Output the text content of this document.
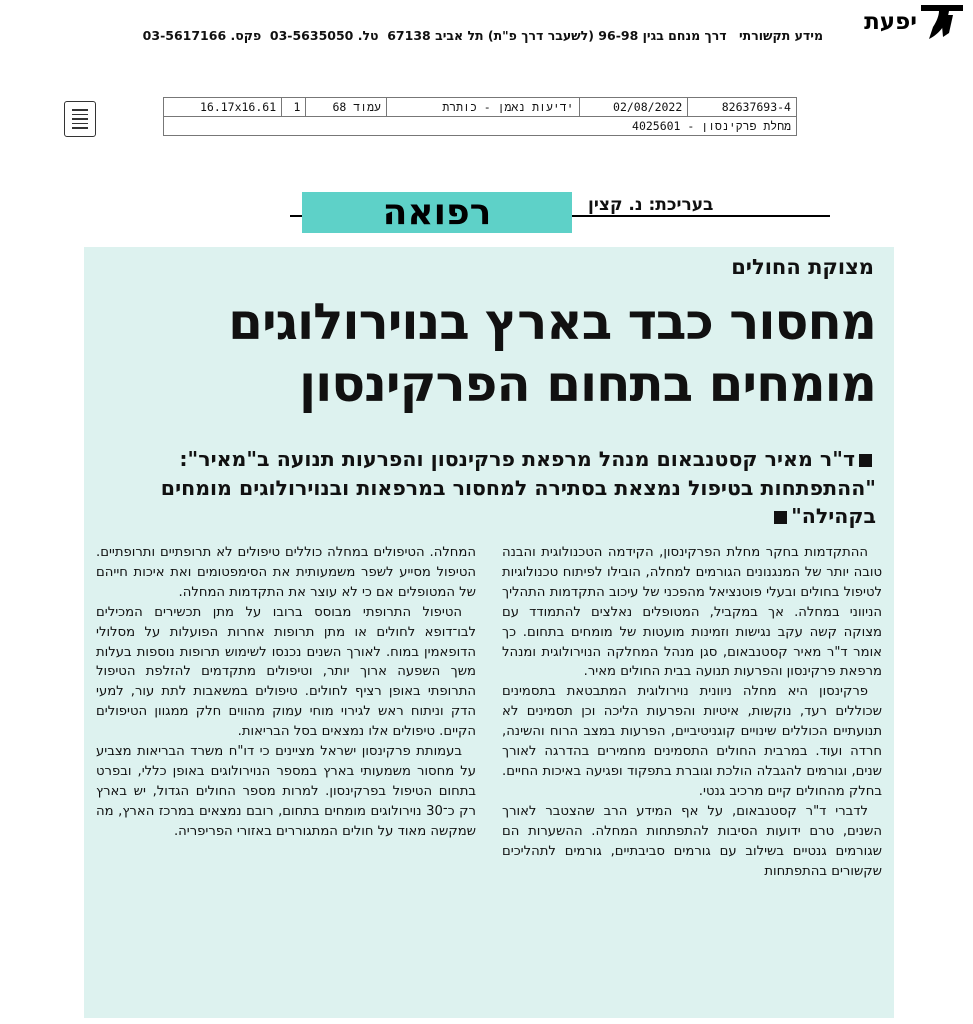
יפעת
מידע תקשורתי דרך מנחם בגין 96-98 (לשעבר דרך פ"ת) תל אביב 67138  טל. 03-5635050  פקס. 03-5617166
82637693-4	02/08/2022	ידיעות נאמן - כותרת	עמוד 68	1	16.17x16.61
מחלת פרקינסון - 4025601
בעריכת: נ. קצין
רפואה
מצוקת החולים
מחסור כבד בארץ בנוירולוגים
מומחים בתחום הפרקינסון
ד"ר מאיר קסטנבאום מנהל מרפאת פרקינסון והפרעות תנועה ב"מאיר": "ההתפתחות בטיפול נמצאת בסתירה למחסור במרפאות ובנוירולוגים מומחים בקהילה"

ההתקדמות בחקר מחלת הפרקינסון, הקידמה הטכנולוגית והבנה טובה יותר של המנגנונים הגורמים למחלה, הובילו לפיתוח טכנולוגיות לטיפול בחולים ובעלי פוטנציאל מהפכני של עיכוב התקדמות התהליך הניווני במחלה. אך במקביל, המטופלים נאלצים להתמודד עם מצוקה קשה עקב נגישות וזמינות מועטות של מומחים בתחום. כך אומר ד"ר מאיר קסטנבאום, סגן מנהל המחלקה הנוירולוגית ומנהל מרפאת פרקינסון והפרעות תנועה בבית החולים מאיר.

פרקינסון היא מחלה ניוונית נוירולוגית המתבטאת בתסמינים שכוללים רעד, נוקשות, איטיות והפרעות הליכה וכן תסמינים לא תנועתיים הכוללים שינויים קוגניטיביים, הפרעות במצב הרוח והשינה, חרדה ועוד. במרבית החולים התסמינים מחמירים בהדרגה לאורך שנים, וגורמים להגבלה הולכת וגוברת בתפקוד ופגיעה באיכות החיים. בחלק מהחולים קיים מרכיב גנטי.

לדברי ד"ר קסטנבאום, על אף המידע הרב שהצטבר לאורך השנים, טרם ידועות הסיבות להתפתחות המחלה. ההשערות הם שגורמים גנטיים בשילוב עם גורמים סביבתיים, גורמים לתהליכים שקשורים בהתפתחות

המחלה. הטיפולים במחלה כוללים טיפולים לא תרופתיים ותרופתיים. הטיפול מסייע לשפר משמעותית את הסימפטומים ואת איכות חייהם של המטופלים אם כי לא עוצר את התקדמות המחלה.

הטיפול התרופתי מבוסס ברובו על מתן תכשירים המכילים לבו־דופא לחולים או מתן תרופות אחרות הפועלות על מסלולי הדופאמין במוח. לאורך השנים נכנסו לשימוש תרופות נוספות בעלות משך השפעה ארוך יותר, וטיפולים מתקדמים להזלפת הטיפול התרופתי באופן רציף לחולים. טיפולים במשאבות לתת עור, למעי הדק וניתוח ראש לגירוי מוחי עמוק מהווים חלק ממגוון הטיפולים הקיים. טיפולים אלו נמצאים בסל הבריאות.

בעמותת פרקינסון ישראל מציינים כי דו"ח משרד הבריאות מצביע על מחסור משמעותי בארץ במספר הנוירולוגים באופן כללי, ובפרט בתחום הטיפול בפרקינסון. למרות מספר החולים הגדול, יש בארץ רק כ־30 נוירולוגים מומחים בתחום, רובם נמצאים במרכז הארץ, מה שמקשה מאוד על חולים המתגוררים באזורי הפריפריה.
